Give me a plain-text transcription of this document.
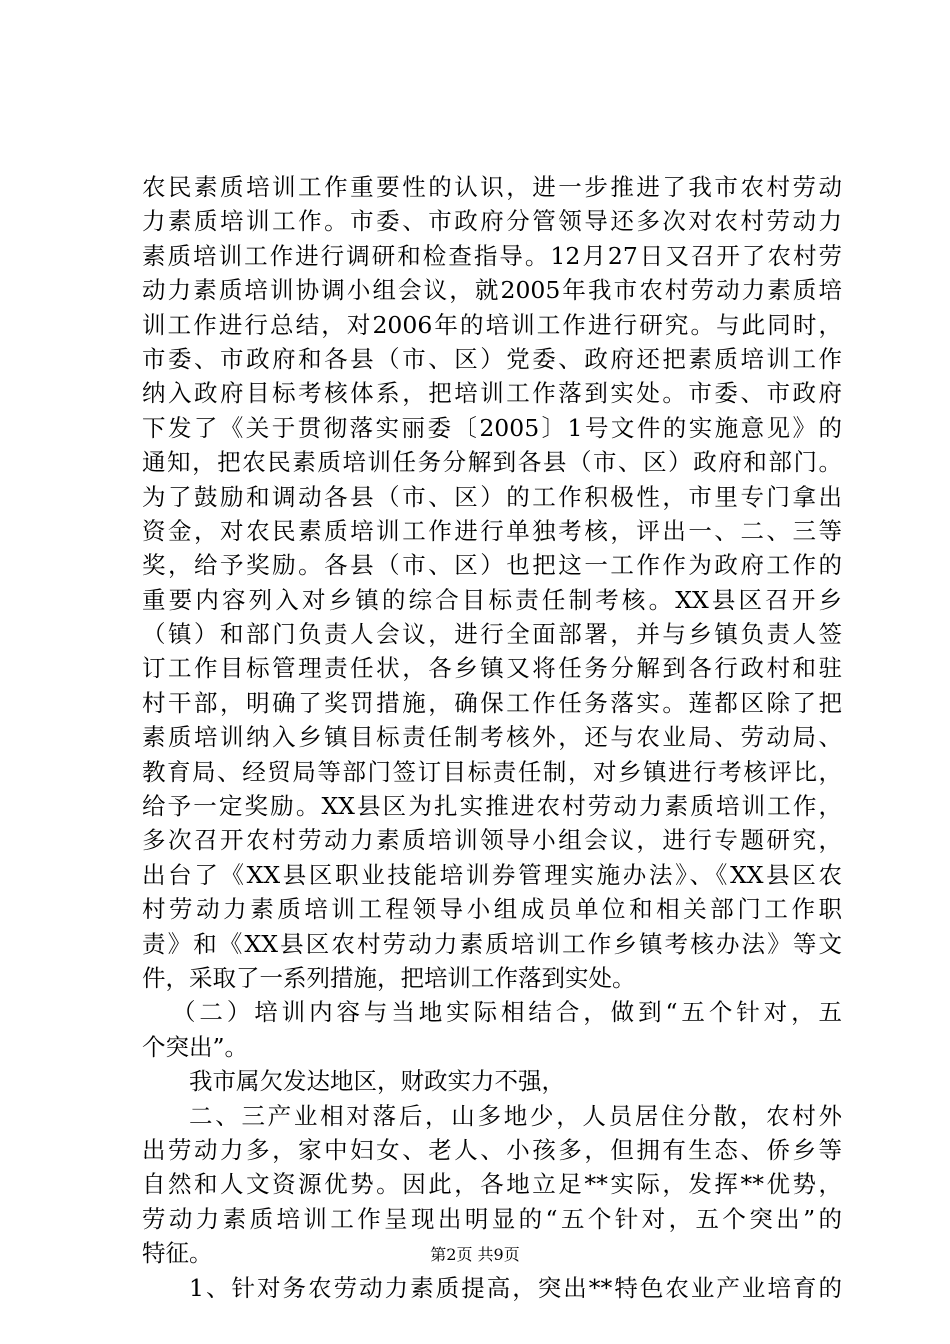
农民素质培训工作重要性的认识，进一步推进了我市农村劳动
力素质培训工作。市委、市政府分管领导还多次对农村劳动力
素质培训工作进行调研和检查指导。12月27日又召开了农村劳
动力素质培训协调小组会议，就2005年我市农村劳动力素质培
训工作进行总结，对2006年的培训工作进行研究。与此同时，
市委、市政府和各县（市、区）党委、政府还把素质培训工作
纳入政府目标考核体系，把培训工作落到实处。市委、市政府
下发了《关于贯彻落实丽委〔2005〕1号文件的实施意见》的
通知，把农民素质培训任务分解到各县（市、区）政府和部门。
为了鼓励和调动各县（市、区）的工作积极性，市里专门拿出
资金，对农民素质培训工作进行单独考核，评出一、二、三等
奖，给予奖励。各县（市、区）也把这一工作作为政府工作的
重要内容列入对乡镇的综合目标责任制考核。XX县区召开乡
（镇）和部门负责人会议，进行全面部署，并与乡镇负责人签
订工作目标管理责任状，各乡镇又将任务分解到各行政村和驻
村干部，明确了奖罚措施，确保工作任务落实。莲都区除了把
素质培训纳入乡镇目标责任制考核外，还与农业局、劳动局、
教育局、经贸局等部门签订目标责任制，对乡镇进行考核评比，
给予一定奖励。XX县区为扎实推进农村劳动力素质培训工作，
多次召开农村劳动力素质培训领导小组会议，进行专题研究，
出台了《XX县区职业技能培训券管理实施办法》、《XX县区农
村劳动力素质培训工程领导小组成员单位和相关部门工作职
责》和《XX县区农村劳动力素质培训工作乡镇考核办法》等文
件，采取了一系列措施，把培训工作落到实处。
（二）培训内容与当地实际相结合，做到“五个针对，五
个突出”。
我市属欠发达地区，财政实力不强，
二、三产业相对落后，山多地少，人员居住分散，农村外
出劳动力多，家中妇女、老人、小孩多，但拥有生态、侨乡等
自然和人文资源优势。因此，各地立足**实际，发挥**优势，
劳动力素质培训工作呈现出明显的“五个针对，五个突出”的
特征。
1、针对务农劳动力素质提高，突出**特色农业产业培育的
第2页 共9页
